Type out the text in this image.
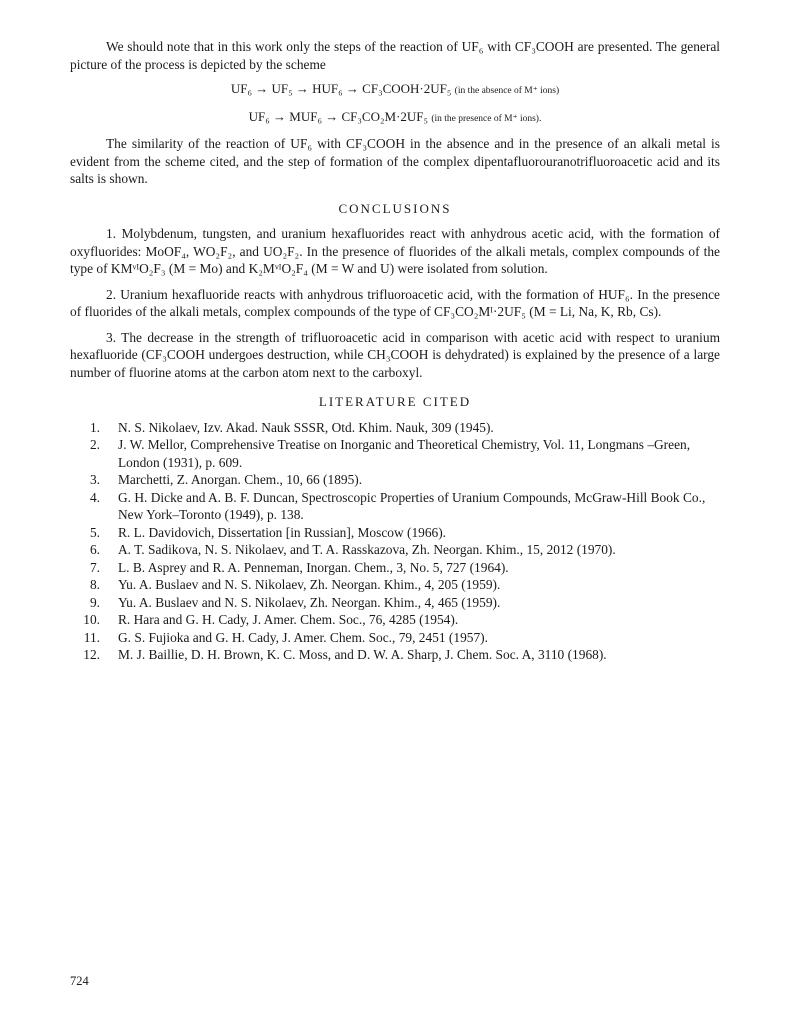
We should note that in this work only the steps of the reaction of UF₆ with CF₃COOH are presented. The general picture of the process is depicted by the scheme

UF₆ → UF₅ → HUF₆ → CF₃COOH·2UF₅ (in the absence of M⁺ ions)
UF₆ → MUF₆ → CF₃CO₂M·2UF₅ (in the presence of M⁺ ions).

The similarity of the reaction of UF₆ with CF₃COOH in the absence and in the presence of an alkali metal is evident from the scheme cited, and the step of formation of the complex dipentafluorouranotrifluoroacetic acid and its salts is shown.

CONCLUSIONS

1. Molybdenum, tungsten, and uranium hexafluorides react with anhydrous acetic acid, with the formation of oxyfluorides: MoOF₄, WO₂F₂, and UO₂F₂. In the presence of fluorides of the alkali metals, complex compounds of the type of KMᵛᴵO₂F₃ (M = Mo) and K₂MᵛᴵO₂F₄ (M = W and U) were isolated from solution.

2. Uranium hexafluoride reacts with anhydrous trifluoroacetic acid, with the formation of HUF₆. In the presence of fluorides of the alkali metals, complex compounds of the type of CF₃CO₂Mᴵ·2UF₅ (M = Li, Na, K, Rb, Cs).

3. The decrease in the strength of trifluoroacetic acid in comparison with acetic acid with respect to uranium hexafluoride (CF₃COOH undergoes destruction, while CH₃COOH is dehydrated) is explained by the presence of a large number of fluorine atoms at the carbon atom next to the carboxyl.

LITERATURE CITED
1. N. S. Nikolaev, Izv. Akad. Nauk SSSR, Otd. Khim. Nauk, 309 (1945).
2. J. W. Mellor, Comprehensive Treatise on Inorganic and Theoretical Chemistry, Vol. 11, Longmans –Green, London (1931), p. 609.
3. Marchetti, Z. Anorgan. Chem., 10, 66 (1895).
4. G. H. Dicke and A. B. F. Duncan, Spectroscopic Properties of Uranium Compounds, McGraw-Hill Book Co., New York–Toronto (1949), p. 138.
5. R. L. Davidovich, Dissertation [in Russian], Moscow (1966).
6. A. T. Sadikova, N. S. Nikolaev, and T. A. Rasskazova, Zh. Neorgan. Khim., 15, 2012 (1970).
7. L. B. Asprey and R. A. Penneman, Inorgan. Chem., 3, No. 5, 727 (1964).
8. Yu. A. Buslaev and N. S. Nikolaev, Zh. Neorgan. Khim., 4, 205 (1959).
9. Yu. A. Buslaev and N. S. Nikolaev, Zh. Neorgan. Khim., 4, 465 (1959).
10. R. Hara and G. H. Cady, J. Amer. Chem. Soc., 76, 4285 (1954).
11. G. S. Fujioka and G. H. Cady, J. Amer. Chem. Soc., 79, 2451 (1957).
12. M. J. Baillie, D. H. Brown, K. C. Moss, and D. W. A. Sharp, J. Chem. Soc. A, 3110 (1968).
724
